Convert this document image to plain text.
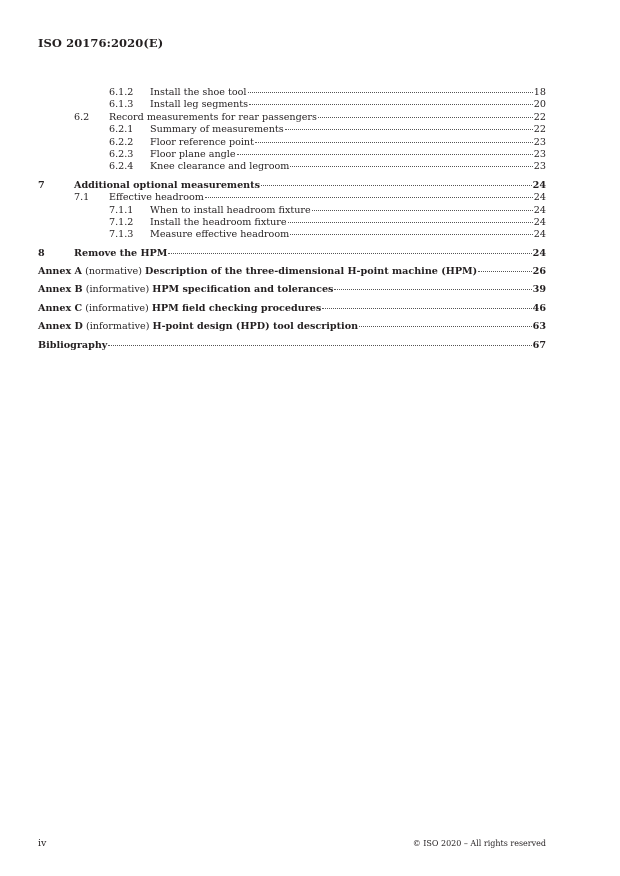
ISO 20176:2020(E)
6.1.2 Install the shoe tool	18
6.1.3 Install leg segments	20
6.2 Record measurements for rear passengers	22
6.2.1 Summary of measurements	22
6.2.2 Floor reference point	23
6.2.3 Floor plane angle	23
6.2.4 Knee clearance and legroom	23
7	Additional optional measurements	24
7.1 Effective headroom	24
7.1.1 When to install headroom fixture	24
7.1.2 Install the headroom fixture	24
7.1.3 Measure effective headroom	24
8	Remove the HPM	24
Annex A (normative) Description of the three-dimensional H-point machine (HPM)	26
Annex B (informative) HPM specification and tolerances	39
Annex C (informative) HPM field checking procedures	46
Annex D (informative) H-point design (HPD) tool description	63
Bibliography	67
iv	© ISO 2020 – All rights reserved
